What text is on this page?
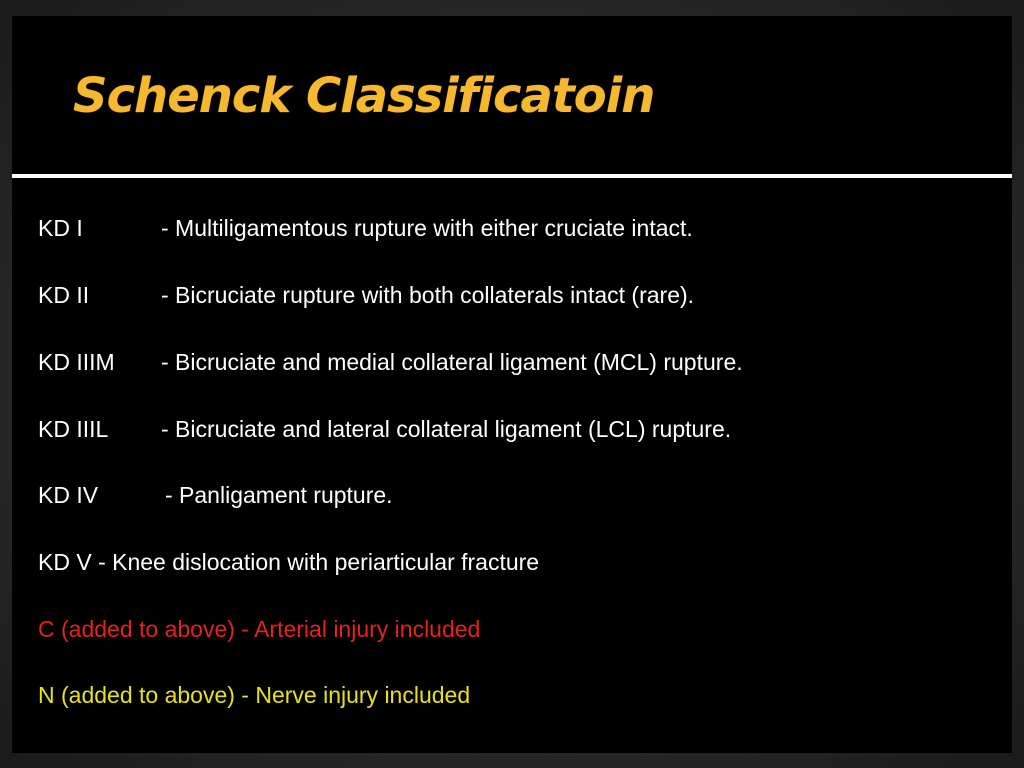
Schenck Classificatoin
KD I	- Multiligamentous rupture with either cruciate intact.
KD II	- Bicruciate rupture with both collaterals intact (rare).
KD IIIM - Bicruciate and medial collateral ligament (MCL) rupture.
KD IIIL - Bicruciate and lateral collateral ligament (LCL) rupture.
KD IV	- Panligament rupture.
KD V - Knee dislocation with periarticular fracture
C (added to above) - Arterial injury included
N (added to above) - Nerve injury included
